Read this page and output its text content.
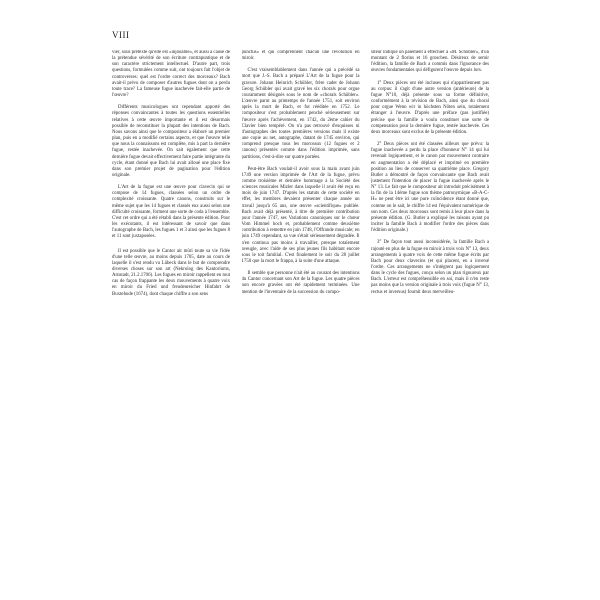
VIII

vier, sous prétexte qu'elle est «injouable», et aussi à cause de la prétendue sévérité de son écriture contrapuntique et de son caractère strictement intellectuel. D'autre part, trois questions, formulées comme suit, ont toujours fait l'objet de controverses: quel est l'ordre correct des morceaux? Bach avait-il prévu de composer d'autres fugues dont on a perdu toute trace? La fameuse fugue inachevée fait-elle partie de l'œuvre?

Différents musicologues ont cependant apporté des réponses convaincantes à toutes les questions essentielles relatives à cette œuvre importante et il est désormais possible de reconstituer la plupart des intentions de Bach. Nous savons ainsi que le compositeur a élaboré un premier plan, puis en a modifié certains aspects, et que l'œuvre telle que nous la connaissons est complète, mis à part la dernière fugue, restée inachevée. On sait également que cette dernière fugue devait effectivement faire partie intégrante du cycle, étant donné que Bach lui avait alloué une place fixe dans son premier projet de pagination pour l'édition originale.

L'Art de la fugue est une œuvre pour clavecin qui se compose de 14 fugues, classées selon un ordre de complexité croissante. Quatre canons, construits sur le même sujet que les 14 fugues et classés eux aussi selon une difficulté croissante, forment une sorte de coda à l'ensemble. C'est cet ordre qui a été rétabli dans la présente édition. Pour les exécutants, il est intéressant de savoir que dans l'autographe de Bach, les fugues 1 et 3 ainsi que les fugues 8 et 11 sont juxtaposées.

Il est possible que le Cantor ait mûri toute sa vie l'idée d'une telle œuvre, au moins depuis 1705, date au cours de laquelle il s'est rendu vu Lübeck dans le but de comprendre diverses choses sur son art (Nekrolog des Kantoriums, Arnstadt, 21.2.1706). Les fugues en miroir rappellent en tout cas de façon frappante les deux mouvements à quatre voix en miroir du Fried und freudenreicher Hinfahrt de Buxtehude (1674), dont chaque chiffre a son sens

punctus» et qui comprennent chacun une révolution en miroir.

C'est vraisemblablement dans l'année qui a précédé sa mort que J.-S. Bach a préparé L'Art de la fugue pour la gravure. Johann Heinrich Schübler, frère cadet de Johann Georg Schübler qui avait gravé les six chorals pour orgue couramment désignés sous le nom de «chorals Schübler». L'œuvre parut au printemps de l'année 1751, soit environ après la mort de Bach, et fut rééditée en 1752. Le compositeur s'est probablement penché sérieusement sur l'œuvre après l'achèvement, en 1742, du 2ème cahier du Clavier bien tempéré. On n'a pas retrouvé d'esquisses ni d'autographes des toutes premières versions mais il existe une copie au net, autographe, datant de 1745 environ, qui comprend presque tous les morceaux (12 fugues et 2 canons) présentés comme dans l'édition imprimée, sans partitions, c'est-à-dire sur quatre portées.

Peut-être Bach voulait-il avoir sous la main avant juin 1749 une version imprimée de l'Art de la fugue, prévu comme troisième et dernière hommage à la Société des sciences musicales Mizler dans laquelle il avait été reçu en mois de juin 1747. D'après les statuts de cette société en effet, les membres devaient présenter chaque année un travail jusqu'à 65 ans, une œuvre «scientifique» publiée. Bach avait déjà présenté, à titre de première contribution pour l'année 1747, ses Variations canoniques sur le chœur Vom Himmel hoch et, probablement comme deuxième contribution à remettre en juin 1748, l'Offrande musicale; en juin 1749 cependant, sa vue s'était sérieusement dégradée. Il n'en continua pas moins à travailler, presque totalement aveugle, avec l'aide de ses plus jeunes fils habitant encore sous le toit familial. C'est finalement le soir du 28 juillet 1750 que la mort le frappa, à la suite d'une attaque.

Il semble que personne n'ait été au courant des intentions du Cantor concernant son Art de la fugue. Les quatre pièces non encore gravées ont été rapidement terminées. Une mention de l'inventaire de la succession du compo-

siteur indique on paiement à effectuer à «M. Schübler», d'un montant de 2 florins et 16 groschen. Désireux de semir l'édition, la famille de Bach a commis dans l'ignorance des œuvres fondamentales qui défigurent l'œuvre depuis lors.

1° Deux pièces ont été incluses qui n'appartiennent pas au corpus: il s'agit d'une autre version (antérieure) de la fugue N°10, déjà présente sous sa forme définitive, conformément à la révision de Bach, ainsi que du choral pour orgue Wenn wir in höchsten Nöten sein, totalement étranger à l'œuvre. D'après une préface (pas justifiée) précise que la famille a voulu constituer une sorte de compensation pour la dernière fugue, restée inachevée. Ces deux morceaux sont exclus de la présente édition.

2° Deux pièces ont été classées ailleurs que prévu: la fugue inachevée a perdu la place d'honneur N° 14 qui lui revenait logiquement, et le canon par mouvement contraire en augmentation a été déplacé et imprimé en première position au lieu de conserver sa quatrième place. Gregory Butler a démontré de façon convaincante que Bach avait justement l'intention de placer la fugue inachevée après le N° 13. Le fait que le compositeur ait introduit précisément à la fin de la 14ème fugue son thème patronymique «B-A-C-H» ne peut être ici une pure coïncidence étant donné que, comme on le sait, le chiffre 14 est l'équivalent numérique de son nom. Ces deux morceaux sont remis à leur place dans la présente édition. (G. Butler a expliqué les raisons ayant pu inciter la famille Bach à modifier l'ordre des pièces dans l'édition originale.)

3° De façon tout aussi inconsidérée, la famille Bach a rajouté en plus de la fugue en miroir à trois voix N° 13, deux arrangements à quatre voix de cette même fugue écrits par Bach pour deux clavecins (et qui placent, en a inversé l'ordre. Ces arrangements ne s'intègrent pas logiquement dans le cycle des fugues, conçu selon un plan rigoureux par Bach. L'erreur est compréhensible en soi, mais il n'en reste pas moins que la version originale à trois voix (fugue N° 13, rectus et inversus) fournit deux merveilleu-
